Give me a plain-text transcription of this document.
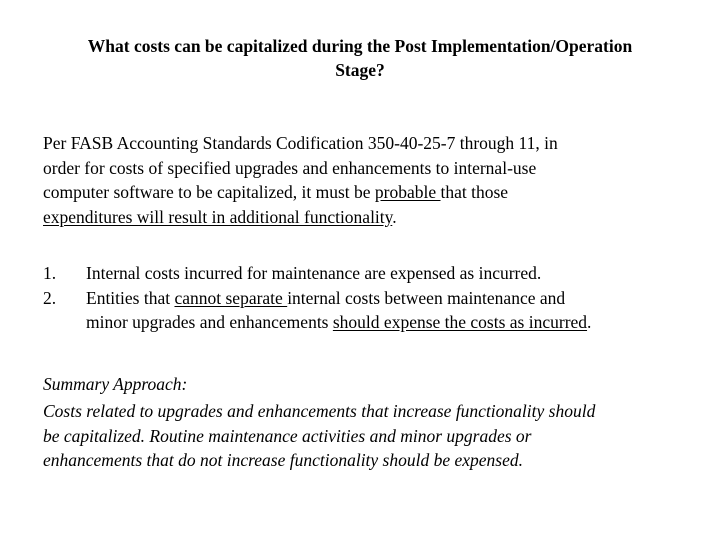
What costs can be capitalized during the Post Implementation/Operation
Stage?
Per FASB Accounting Standards Codification 350-40-25-7 through 11, in
order for costs of specified upgrades and enhancements to internal-use
computer software to be capitalized, it must be probable that those
expenditures will result in additional functionality.
1. Internal costs incurred for maintenance are expensed as incurred.
2. Entities that cannot separate internal costs between maintenance and
minor upgrades and enhancements should expense the costs as incurred.
Summary Approach:
Costs related to upgrades and enhancements that increase functionality should
be capitalized. Routine maintenance activities and minor upgrades or
enhancements that do not increase functionality should be expensed.
